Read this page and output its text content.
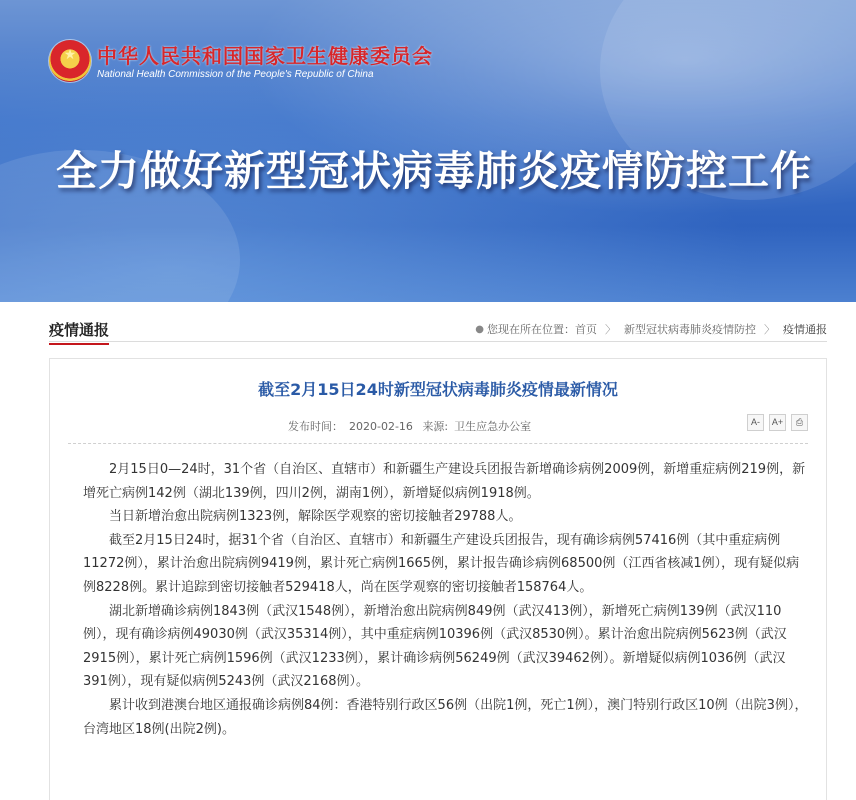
★
中华人民共和国国家卫生健康委员会
National Health Commission of the People's Republic of China
全力做好新型冠状病毒肺炎疫情防控工作
疫情通报	● 您现在所在位置： 首页 〉 新型冠状病毒肺炎疫情防控 〉 疫情通报
截至2月15日24时新型冠状病毒肺炎疫情最新情况
发布时间： 2020-02-16 来源: 卫生应急办公室	A-	A+	⎙

2月15日0—24时，31个省（自治区、直辖市）和新疆生产建设兵团报告新增确诊病例2009例，新增重症病例219例，新增死亡病例142例（湖北139例，四川2例，湖南1例），新增疑似病例1918例。

当日新增治愈出院病例1323例，解除医学观察的密切接触者29788人。

截至2月15日24时，据31个省（自治区、直辖市）和新疆生产建设兵团报告，现有确诊病例57416例（其中重症病例11272例），累计治愈出院病例9419例，累计死亡病例1665例，累计报告确诊病例68500例（江西省核减1例），现有疑似病例8228例。累计追踪到密切接触者529418人，尚在医学观察的密切接触者158764人。

湖北新增确诊病例1843例（武汉1548例），新增治愈出院病例849例（武汉413例），新增死亡病例139例（武汉110例），现有确诊病例49030例（武汉35314例），其中重症病例10396例（武汉8530例）。累计治愈出院病例5623例（武汉2915例），累计死亡病例1596例（武汉1233例），累计确诊病例56249例（武汉39462例）。新增疑似病例1036例（武汉391例），现有疑似病例5243例（武汉2168例）。

累计收到港澳台地区通报确诊病例84例：香港特别行政区56例（出院1例，死亡1例），澳门特别行政区10例（出院3例），台湾地区18例(出院2例)。
